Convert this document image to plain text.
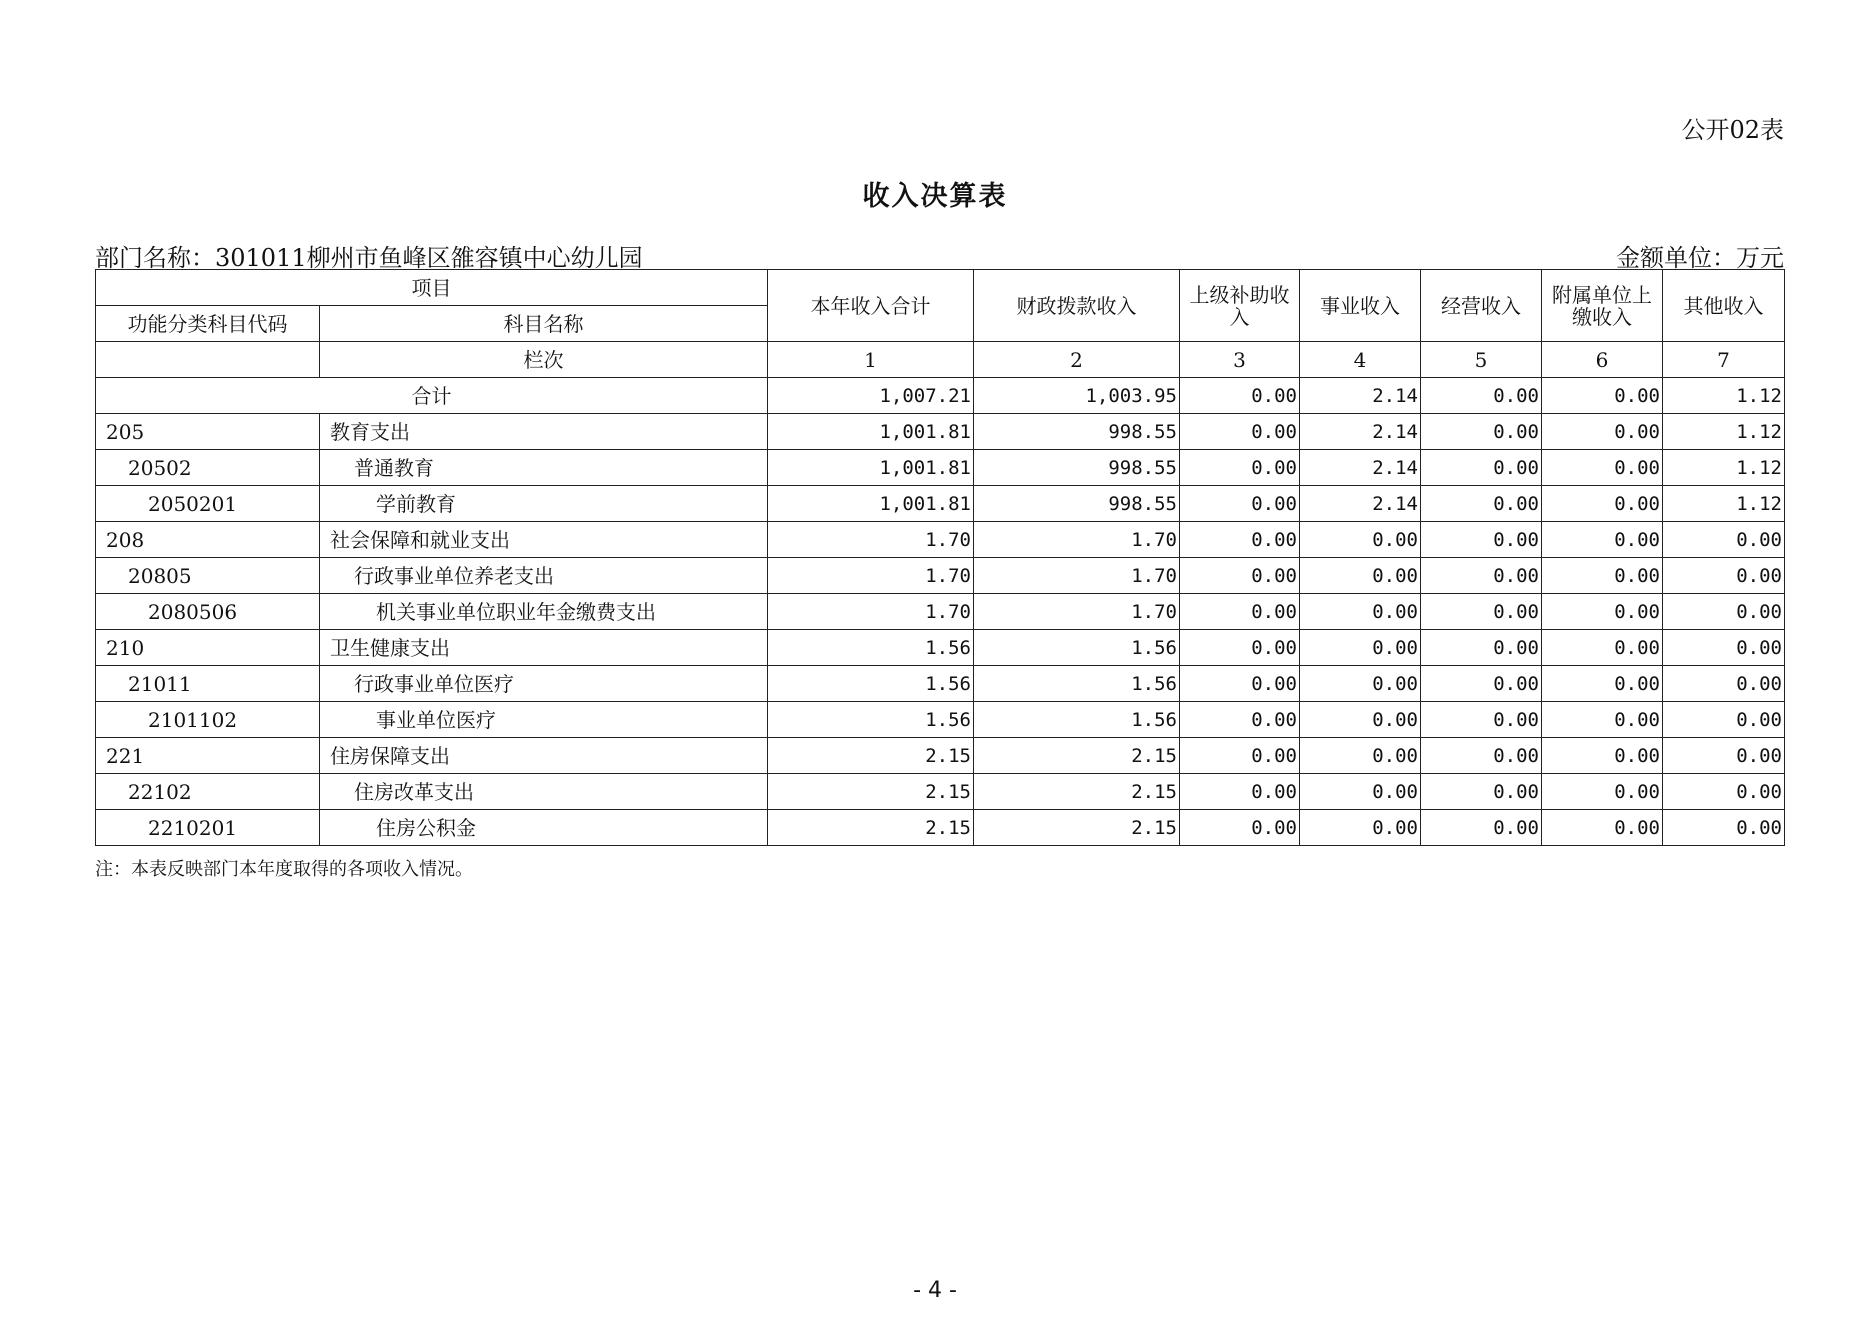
公开02表
收入决算表
部门名称：301011柳州市鱼峰区雒容镇中心幼儿园	金额单位：万元
项目		本年收入合计	财政拨款收入	上级补助收入	事业收入	经营收入	附属单位上缴收入	其他收入
功能分类科目代码	科目名称							
	栏次	1	2	3	4	5	6	7
合计		1,007.21	1,003.95	0.00	2.14	0.00	0.00	1.12
205	教育支出	1,001.81	998.55	0.00	2.14	0.00	0.00	1.12
20502	普通教育	1,001.81	998.55	0.00	2.14	0.00	0.00	1.12
2050201	学前教育	1,001.81	998.55	0.00	2.14	0.00	0.00	1.12
208	社会保障和就业支出	1.70	1.70	0.00	0.00	0.00	0.00	0.00
20805	行政事业单位养老支出	1.70	1.70	0.00	0.00	0.00	0.00	0.00
2080506	机关事业单位职业年金缴费支出	1.70	1.70	0.00	0.00	0.00	0.00	0.00
210	卫生健康支出	1.56	1.56	0.00	0.00	0.00	0.00	0.00
21011	行政事业单位医疗	1.56	1.56	0.00	0.00	0.00	0.00	0.00
2101102	事业单位医疗	1.56	1.56	0.00	0.00	0.00	0.00	0.00
221	住房保障支出	2.15	2.15	0.00	0.00	0.00	0.00	0.00
22102	住房改革支出	2.15	2.15	0.00	0.00	0.00	0.00	0.00
2210201	住房公积金	2.15	2.15	0.00	0.00	0.00	0.00	0.00
注：本表反映部门本年度取得的各项收入情况。
- 4 -
